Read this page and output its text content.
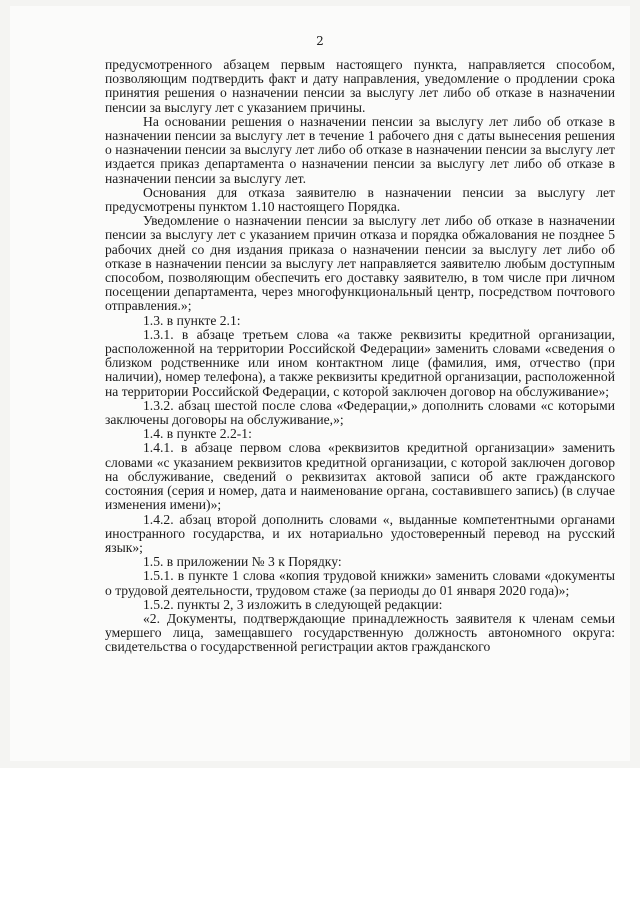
2

предусмотренного абзацем первым настоящего пункта, направляется способом, позволяющим подтвердить факт и дату направления, уведомление о продлении срока принятия решения о назначении пенсии за выслугу лет либо об отказе в назначении пенсии за выслугу лет с указанием причины.

На основании решения о назначении пенсии за выслугу лет либо об отказе в назначении пенсии за выслугу лет в течение 1 рабочего дня с даты вынесения решения о назначении пенсии за выслугу лет либо об отказе в назначении пенсии за выслугу лет издается приказ департамента о назначении пенсии за выслугу лет либо об отказе в назначении пенсии за выслугу лет.

Основания для отказа заявителю в назначении пенсии за выслугу лет предусмотрены пунктом 1.10 настоящего Порядка.

Уведомление о назначении пенсии за выслугу лет либо об отказе в назначении пенсии за выслугу лет с указанием причин отказа и порядка обжалования не позднее 5 рабочих дней со дня издания приказа о назначении пенсии за выслугу лет либо об отказе в назначении пенсии за выслугу лет направляется заявителю любым доступным способом, позволяющим обеспечить его доставку заявителю, в том числе при личном посещении департамента, через многофункциональный центр, посредством почтового отправления.»;

1.3. в пункте 2.1:

1.3.1. в абзаце третьем слова «а также реквизиты кредитной организации, расположенной на территории Российской Федерации» заменить словами «сведения о близком родственнике или ином контактном лице (фамилия, имя, отчество (при наличии), номер телефона), а также реквизиты кредитной организации, расположенной на территории Российской Федерации, с которой заключен договор на обслуживание»;

1.3.2. абзац шестой после слова «Федерации,» дополнить словами «с которыми заключены договоры на обслуживание,»;

1.4. в пункте 2.2-1:

1.4.1. в абзаце первом слова «реквизитов кредитной организации» заменить словами «с указанием реквизитов кредитной организации, с которой заключен договор на обслуживание, сведений о реквизитах актовой записи об акте гражданского состояния (серия и номер, дата и наименование органа, составившего запись) (в случае изменения имени)»;

1.4.2. абзац второй дополнить словами «, выданные компетентными органами иностранного государства, и их нотариально удостоверенный перевод на русский язык»;

1.5. в приложении № 3 к Порядку:

1.5.1. в пункте 1 слова «копия трудовой книжки» заменить словами «документы о трудовой деятельности, трудовом стаже (за периоды до 01 января 2020 года)»;

1.5.2. пункты 2, 3 изложить в следующей редакции:

«2. Документы, подтверждающие принадлежность заявителя к членам семьи умершего лица, замещавшего государственную должность автономного округа: свидетельства о государственной регистрации актов гражданского
